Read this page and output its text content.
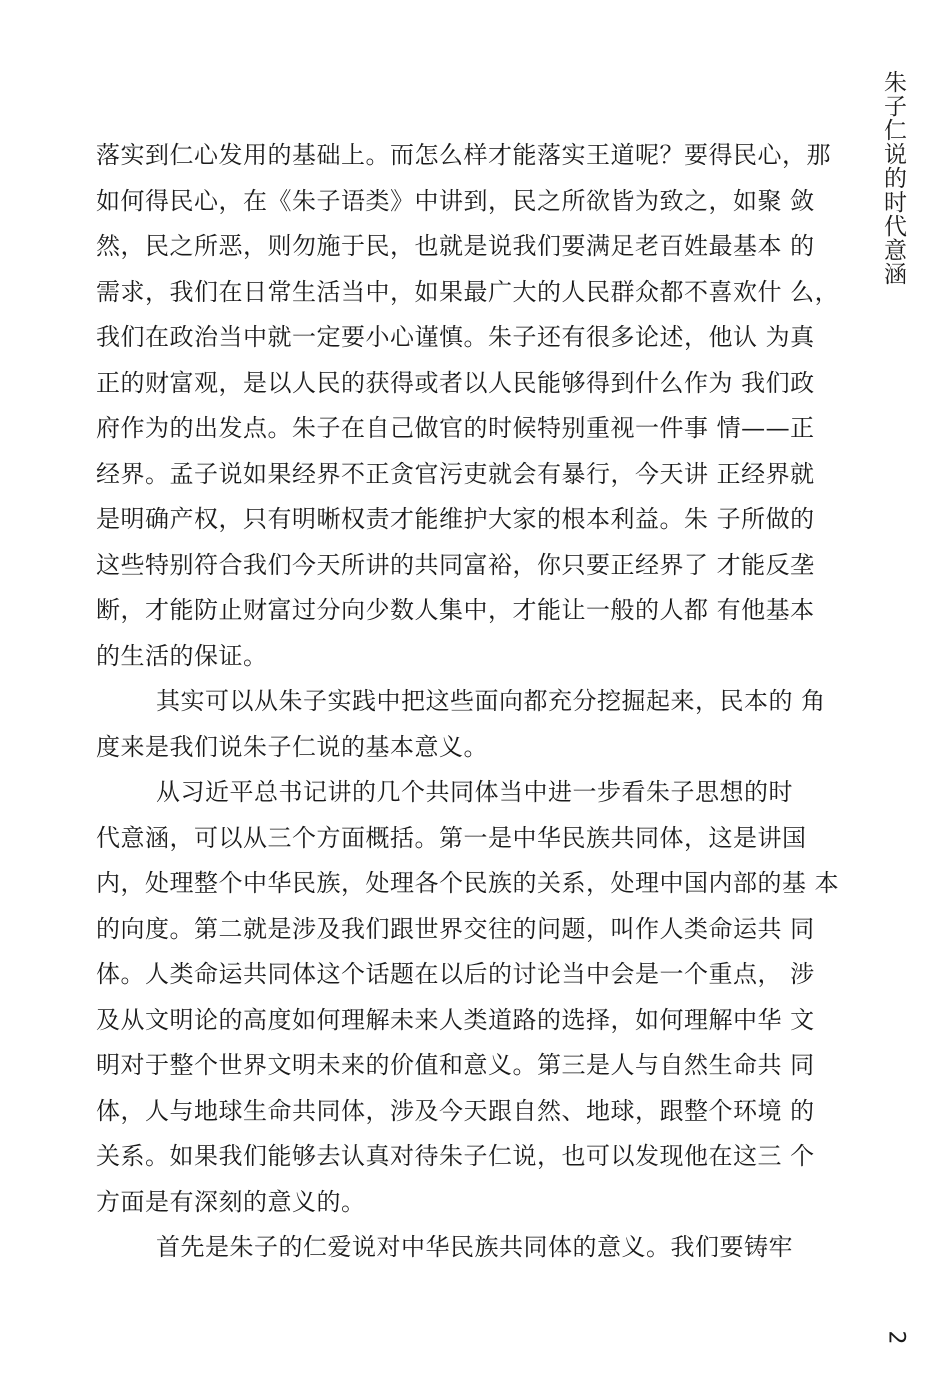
朱子仁说的时代意涵
落实到仁心发用的基础上。而怎么样才能落实王道呢？要得民心，那
如何得民心，在《朱子语类》中讲到，民之所欲皆为致之，如聚 敛
然，民之所恶，则勿施于民，也就是说我们要满足老百姓最基本 的
需求，我们在日常生活当中，如果最广大的人民群众都不喜欢什 么，
我们在政治当中就一定要小心谨慎。朱子还有很多论述，他认 为真
正的财富观，是以人民的获得或者以人民能够得到什么作为 我们政
府作为的出发点。朱子在自己做官的时候特别重视一件事 情——正
经界。孟子说如果经界不正贪官污吏就会有暴行，今天讲 正经界就
是明确产权，只有明晰权责才能维护大家的根本利益。朱 子所做的
这些特别符合我们今天所讲的共同富裕，你只要正经界了 才能反垄
断，才能防止财富过分向少数人集中，才能让一般的人都 有他基本
的生活的保证。
其实可以从朱子实践中把这些面向都充分挖掘起来，民本的 角
度来是我们说朱子仁说的基本意义。
从习近平总书记讲的几个共同体当中进一步看朱子思想的时
代意涵，可以从三个方面概括。第一是中华民族共同体，这是讲国
内，处理整个中华民族，处理各个民族的关系，处理中国内部的基 本
的向度。第二就是涉及我们跟世界交往的问题，叫作人类命运共 同
体。人类命运共同体这个话题在以后的讨论当中会是一个重点， 涉
及从文明论的高度如何理解未来人类道路的选择，如何理解中华 文
明对于整个世界文明未来的价值和意义。第三是人与自然生命共 同
体，人与地球生命共同体，涉及今天跟自然、地球，跟整个环境 的
关系。如果我们能够去认真对待朱子仁说，也可以发现他在这三 个
方面是有深刻的意义的。
首先是朱子的仁爱说对中华民族共同体的意义。我们要铸牢
2
